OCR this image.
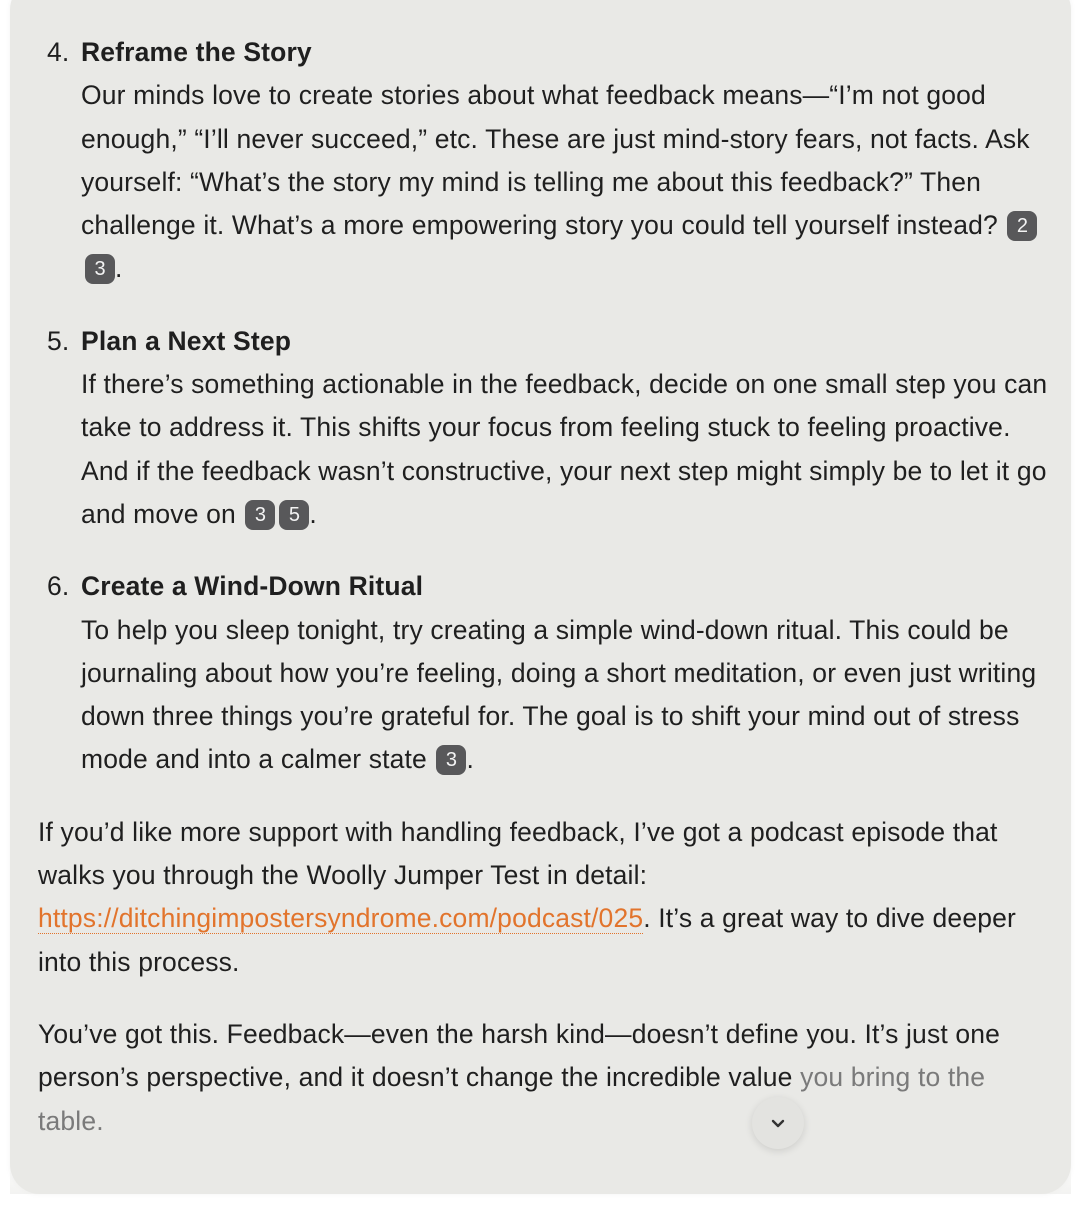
4. Reframe the Story
Our minds love to create stories about what feedback means—“I’m not good enough,” “I’ll never succeed,” etc. These are just mind-story fears, not facts. Ask yourself: “What’s the story my mind is telling me about this feedback?” Then challenge it. What’s a more empowering story you could tell yourself instead? 23 .
5. Plan a Next Step
If there’s something actionable in the feedback, decide on one small step you can take to address it. This shifts your focus from feeling stuck to feeling proactive. And if the feedback wasn’t constructive, your next step might simply be to let it go and move on 3 5 .
6. Create a Wind-Down Ritual
To help you sleep tonight, try creating a simple wind-down ritual. This could be journaling about how you’re feeling, doing a short meditation, or even just writing down three things you’re grateful for. The goal is to shift your mind out of stress mode and into a calmer state 3 .

If you’d like more support with handling feedback, I’ve got a podcast episode that walks you through the Woolly Jumper Test in detail: https://ditchingimpostersyndrome.com/podcast/025. It’s a great way to dive deeper into this process.

You’ve got this. Feedback—even the harsh kind—doesn’t define you. It’s just one person’s perspective, and it doesn’t change the incredible value you bring to the table.
